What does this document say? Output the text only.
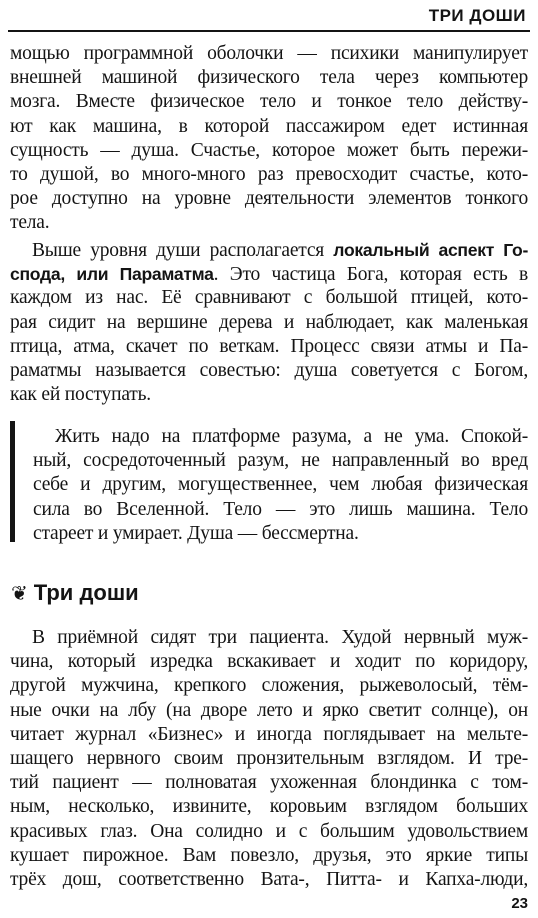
ТРИ ДОШИ
мощью программной оболочки — психики манипулирует
внешней машиной физического тела через компьютер
мозга. Вместе физическое тело и тонкое тело действу-
ют как машина, в которой пассажиром едет истинная
сущность — душа. Счастье, которое может быть пережи-
то душой, во много-много раз превосходит счастье, кото-
рое доступно на уровне деятельности элементов тонкого
тела.
Выше уровня души располагается локальный аспект Го-
спода, или Параматма. Это частица Бога, которая есть в
каждом из нас. Её сравнивают с большой птицей, кото-
рая сидит на вершине дерева и наблюдает, как маленькая
птица, атма, скачет по веткам. Процесс связи атмы и Па-
раматмы называется совестью: душа советуется с Богом,
как ей поступать.
Жить надо на платформе разума, а не ума. Спокой-
ный, сосредоточенный разум, не направленный во вред
себе и другим, могущественнее, чем любая физическая
сила во Вселенной. Тело — это лишь машина. Тело
стареет и умирает. Душа — бессмертна.
❦ Три доши
В приёмной сидят три пациента. Худой нервный муж-
чина, который изредка вскакивает и ходит по коридору,
другой мужчина, крепкого сложения, рыжеволосый, тём-
ные очки на лбу (на дворе лето и ярко светит солнце), он
читает журнал «Бизнес» и иногда поглядывает на мельте-
шащего нервного своим пронзительным взглядом. И тре-
тий пациент — полноватая ухоженная блондинка с том-
ным, несколько, извините, коровьим взглядом больших
красивых глаз. Она солидно и с большим удовольствием
кушает пирожное. Вам повезло, друзья, это яркие типы
трёх дош, соответственно Вата-, Питта- и Капха-люди,
23
